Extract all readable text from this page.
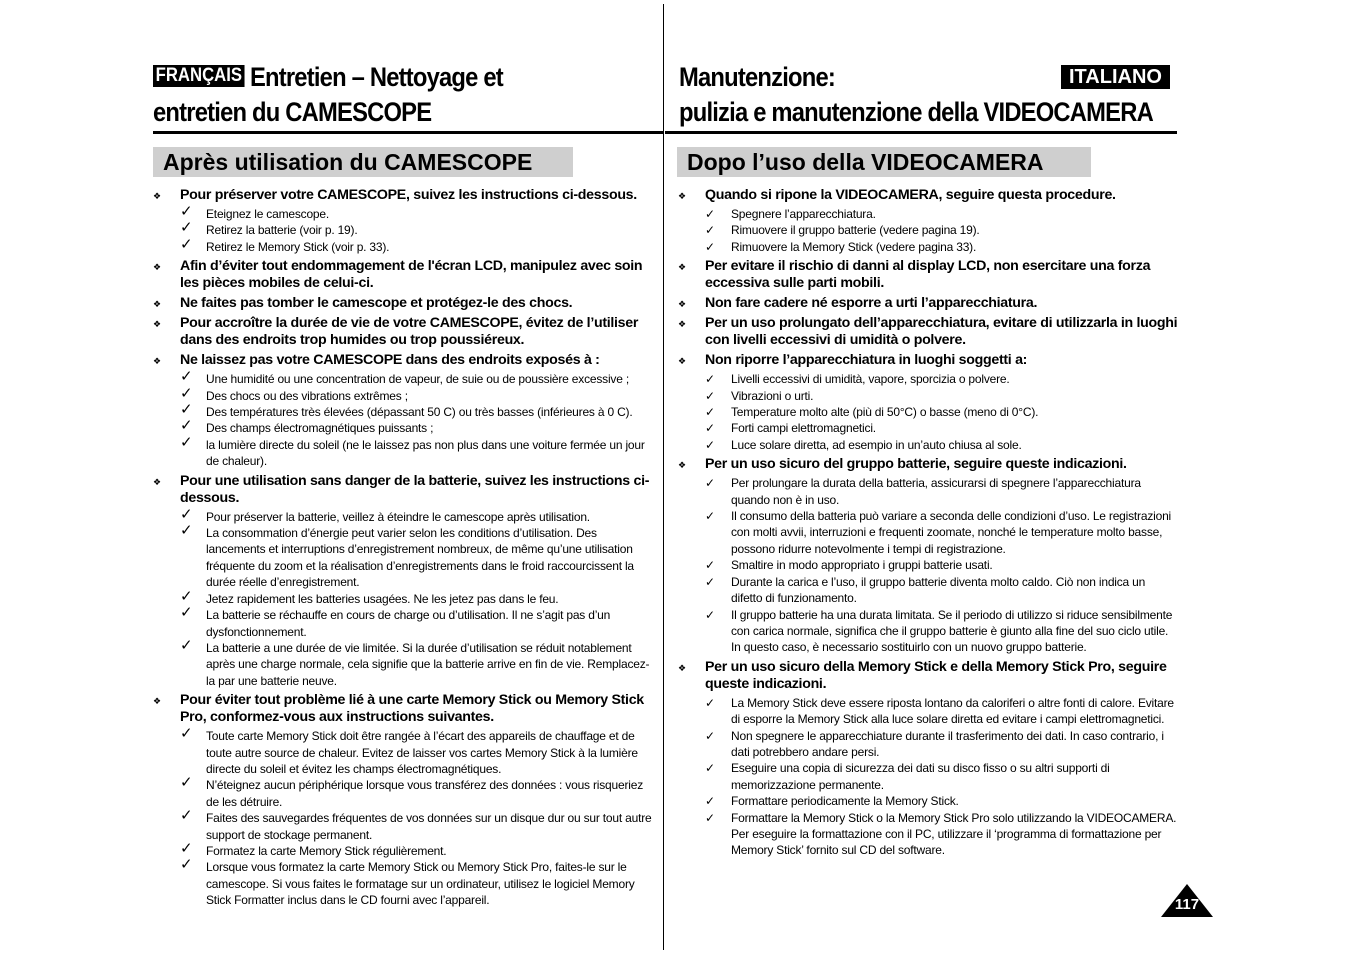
FRANÇAIS Entretien – Nettoyage et
entretien du CAMESCOPE
Manutenzione:
pulizia e manutenzione della VIDEOCAMERA
ITALIANO
Après utilisation du CAMESCOPE	Dopo l’uso della VIDEOCAMERA
❖ Pour préserver votre CAMESCOPE, suivez les instructions ci-dessous.
✓ Eteignez le camescope.
✓ Retirez la batterie (voir p. 19).
✓ Retirez le Memory Stick (voir p. 33).
❖ Afin d’éviter tout endommagement de l'écran LCD, manipulez avec soin les pièces mobiles de celui-ci.
❖ Ne faites pas tomber le camescope et protégez-le des chocs.
❖ Pour accroître la durée de vie de votre CAMESCOPE, évitez de l’utiliser dans des endroits trop humides ou trop poussiéreux.
❖ Ne laissez pas votre CAMESCOPE dans des endroits exposés à :
✓ Une humidité ou une concentration de vapeur, de suie ou de poussière excessive ;
✓ Des chocs ou des vibrations extrêmes ;
✓ Des températures très élevées (dépassant 50 C) ou très basses (inférieures à 0 C).
✓ Des champs électromagnétiques puissants ;
✓ la lumière directe du soleil (ne le laissez pas non plus dans une voiture fermée un jour de chaleur).
❖ Pour une utilisation sans danger de la batterie, suivez les instructions ci-dessous.
✓ Pour préserver la batterie, veillez à éteindre le camescope après utilisation.
✓ La consommation d’énergie peut varier selon les conditions d’utilisation. Des lancements et interruptions d’enregistrement nombreux, de même qu’une utilisation fréquente du zoom et la réalisation d’enregistrements dans le froid raccourcissent la durée réelle d’enregistrement.
✓ Jetez rapidement les batteries usagées. Ne les jetez pas dans le feu.
✓ La batterie se réchauffe en cours de charge ou d’utilisation. Il ne s’agit pas d’un dysfonctionnement.
✓ La batterie a une durée de vie limitée. Si la durée d’utilisation se réduit notablement après une charge normale, cela signifie que la batterie arrive en fin de vie. Remplacez-la par une batterie neuve.
❖ Pour éviter tout problème lié à une carte Memory Stick ou Memory Stick Pro, conformez-vous aux instructions suivantes.
✓ Toute carte Memory Stick doit être rangée à l’écart des appareils de chauffage et de toute autre source de chaleur. Evitez de laisser vos cartes Memory Stick à la lumière directe du soleil et évitez les champs électromagnétiques.
✓ N’éteignez aucun périphérique lorsque vous transférez des données : vous risqueriez de les détruire.
✓ Faites des sauvegardes fréquentes de vos données sur un disque dur ou sur tout autre support de stockage permanent.
✓ Formatez la carte Memory Stick régulièrement.
✓ Lorsque vous formatez la carte Memory Stick ou Memory Stick Pro, faites-le sur le camescope. Si vous faites le formatage sur un ordinateur, utilisez le logiciel Memory Stick Formatter inclus dans le CD fourni avec l’appareil.
❖ Quando si ripone la VIDEOCAMERA, seguire questa procedure.
✓ Spegnere l’apparecchiatura.
✓ Rimuovere il gruppo batterie (vedere pagina 19).
✓ Rimuovere la Memory Stick (vedere pagina 33).
❖ Per evitare il rischio di danni al display LCD, non esercitare una forza eccessiva sulle parti mobili.
❖ Non fare cadere né esporre a urti l’apparecchiatura.
❖ Per un uso prolungato dell’apparecchiatura, evitare di utilizzarla in luoghi con livelli eccessivi di umidità o polvere.
❖ Non riporre l’apparecchiatura in luoghi soggetti a:
✓ Livelli eccessivi di umidità, vapore, sporcizia o polvere.
✓ Vibrazioni o urti.
✓ Temperature molto alte (più di 50°C) o basse (meno di 0°C).
✓ Forti campi elettromagnetici.
✓ Luce solare diretta, ad esempio in un’auto chiusa al sole.
❖ Per un uso sicuro del gruppo batterie, seguire queste indicazioni.
✓ Per prolungare la durata della batteria, assicurarsi di spegnere l’apparecchiatura quando non è in uso.
✓ Il consumo della batteria può variare a seconda delle condizioni d’uso. Le registrazioni con molti avvii, interruzioni e frequenti zoomate, nonché le temperature molto basse, possono ridurre notevolmente i tempi di registrazione.
✓ Smaltire in modo appropriato i gruppi batterie usati.
✓ Durante la carica e l’uso, il gruppo batterie diventa molto caldo. Ciò non indica un difetto di funzionamento.
✓ Il gruppo batterie ha una durata limitata. Se il periodo di utilizzo si riduce sensibilmente con carica normale, significa che il gruppo batterie è giunto alla fine del suo ciclo utile. In questo caso, è necessario sostituirlo con un nuovo gruppo batterie.
❖ Per un uso sicuro della Memory Stick e della Memory Stick Pro, seguire queste indicazioni.
✓ La Memory Stick deve essere riposta lontano da caloriferi o altre fonti di calore. Evitare di esporre la Memory Stick alla luce solare diretta ed evitare i campi elettromagnetici.
✓ Non spegnere le apparecchiature durante il trasferimento dei dati. In caso contrario, i dati potrebbero andare persi.
✓ Eseguire una copia di sicurezza dei dati su disco fisso o su altri supporti di memorizzazione permanente.
✓ Formattare periodicamente la Memory Stick.
✓ Formattare la Memory Stick o la Memory Stick Pro solo utilizzando la VIDEOCAMERA. Per eseguire la formattazione con il PC, utilizzare il ‘programma di formattazione per Memory Stick’ fornito sul CD del software.
117
